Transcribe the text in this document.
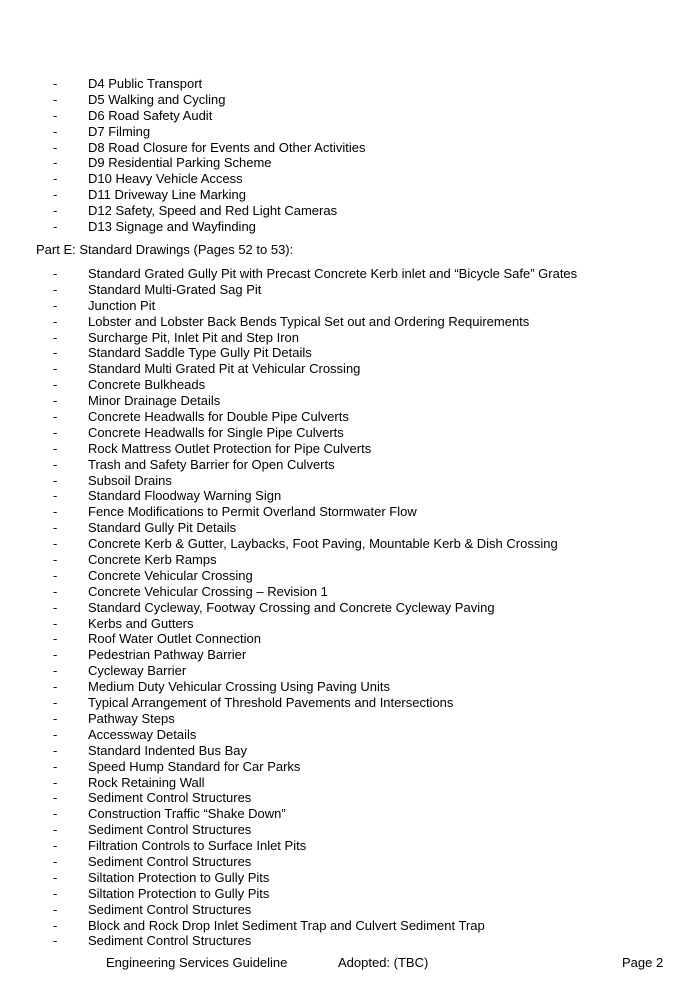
- D4 Public Transport
- D5 Walking and Cycling
- D6 Road Safety Audit
- D7 Filming
- D8 Road Closure for Events and Other Activities
- D9 Residential Parking Scheme
- D10 Heavy Vehicle Access
- D11 Driveway Line Marking
- D12 Safety, Speed and Red Light Cameras
- D13 Signage and Wayfinding
Part E: Standard Drawings (Pages 52 to 53):
- Standard Grated Gully Pit with Precast Concrete Kerb inlet and “Bicycle Safe” Grates
- Standard Multi-Grated Sag Pit
- Junction Pit
- Lobster and Lobster Back Bends Typical Set out and Ordering Requirements
- Surcharge Pit, Inlet Pit and Step Iron
- Standard Saddle Type Gully Pit Details
- Standard Multi Grated Pit at Vehicular Crossing
- Concrete Bulkheads
- Minor Drainage Details
- Concrete Headwalls for Double Pipe Culverts
- Concrete Headwalls for Single Pipe Culverts
- Rock Mattress Outlet Protection for Pipe Culverts
- Trash and Safety Barrier for Open Culverts
- Subsoil Drains
- Standard Floodway Warning Sign
- Fence Modifications to Permit Overland Stormwater Flow
- Standard Gully Pit Details
- Concrete Kerb & Gutter, Laybacks, Foot Paving, Mountable Kerb & Dish Crossing
- Concrete Kerb Ramps
- Concrete Vehicular Crossing
- Concrete Vehicular Crossing – Revision 1
- Standard Cycleway, Footway Crossing and Concrete Cycleway Paving
- Kerbs and Gutters
- Roof Water Outlet Connection
- Pedestrian Pathway Barrier
- Cycleway Barrier
- Medium Duty Vehicular Crossing Using Paving Units
- Typical Arrangement of Threshold Pavements and Intersections
- Pathway Steps
- Accessway Details
- Standard Indented Bus Bay
- Speed Hump Standard for Car Parks
- Rock Retaining Wall
- Sediment Control Structures
- Construction Traffic “Shake Down”
- Sediment Control Structures
- Filtration Controls to Surface Inlet Pits
- Sediment Control Structures
- Siltation Protection to Gully Pits
- Siltation Protection to Gully Pits
- Sediment Control Structures
- Block and Rock Drop Inlet Sediment Trap and Culvert Sediment Trap
- Sediment Control Structures
Engineering Services Guideline	Adopted: (TBC)	Page 2
